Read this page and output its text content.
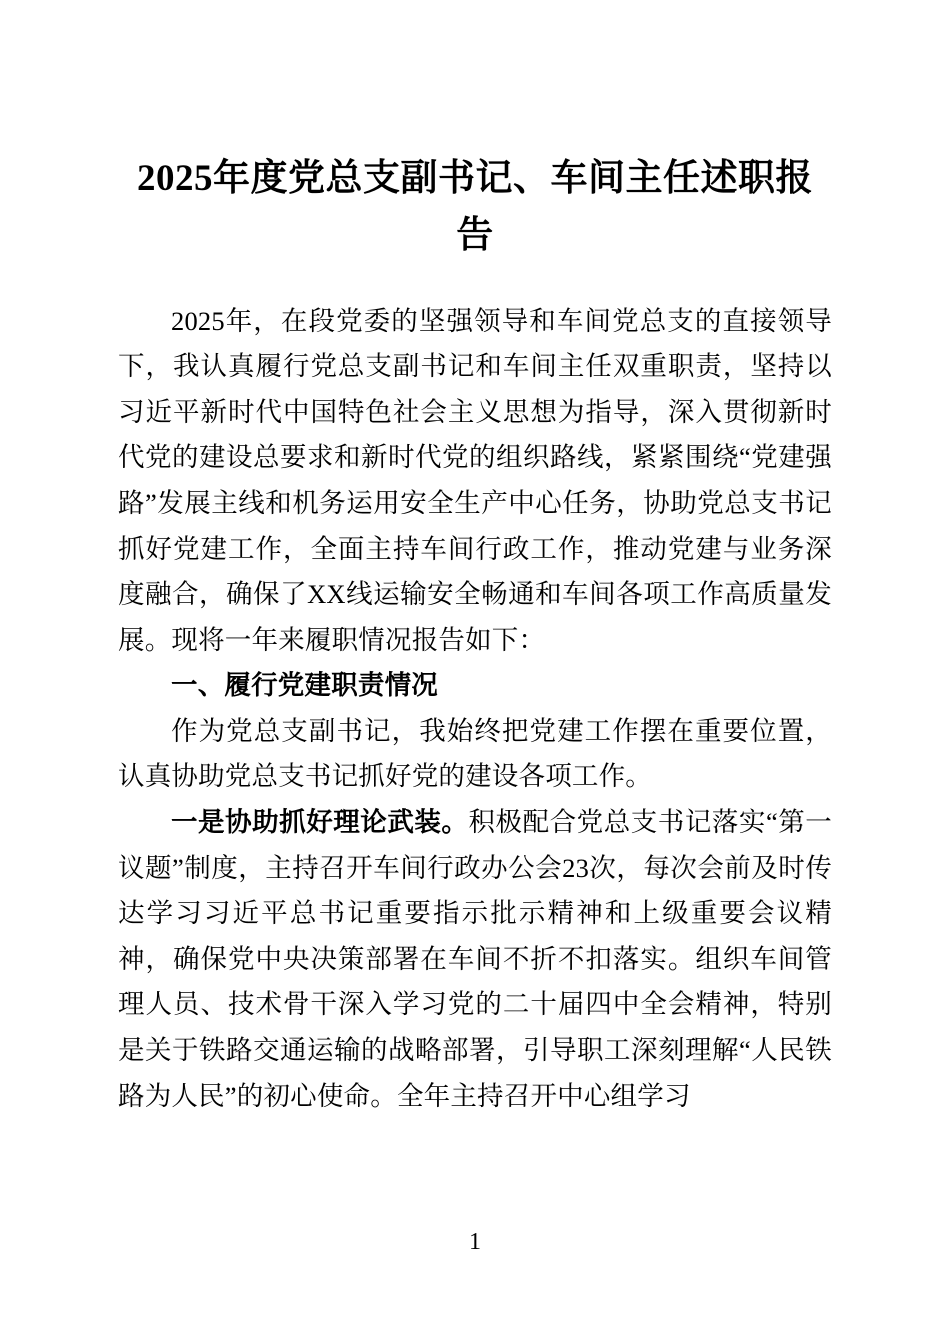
2025年度党总支副书记、车间主任述职报告

2025年，在段党委的坚强领导和车间党总支的直接领导下，我认真履行党总支副书记和车间主任双重职责，坚持以习近平新时代中国特色社会主义思想为指导，深入贯彻新时代党的建设总要求和新时代党的组织路线，紧紧围绕“党建强路”发展主线和机务运用安全生产中心任务，协助党总支书记抓好党建工作，全面主持车间行政工作，推动党建与业务深度融合，确保了XX线运输安全畅通和车间各项工作高质量发展。现将一年来履职情况报告如下：

一、履行党建职责情况

作为党总支副书记，我始终把党建工作摆在重要位置，认真协助党总支书记抓好党的建设各项工作。

一是协助抓好理论武装。积极配合党总支书记落实“第一议题”制度，主持召开车间行政办公会23次，每次会前及时传达学习习近平总书记重要指示批示精神和上级重要会议精神，确保党中央决策部署在车间不折不扣落实。组织车间管理人员、技术骨干深入学习党的二十届四中全会精神，特别是关于铁路交通运输的战略部署，引导职工深刻理解“人民铁路为人民”的初心使命。全年主持召开中心组学习

1
